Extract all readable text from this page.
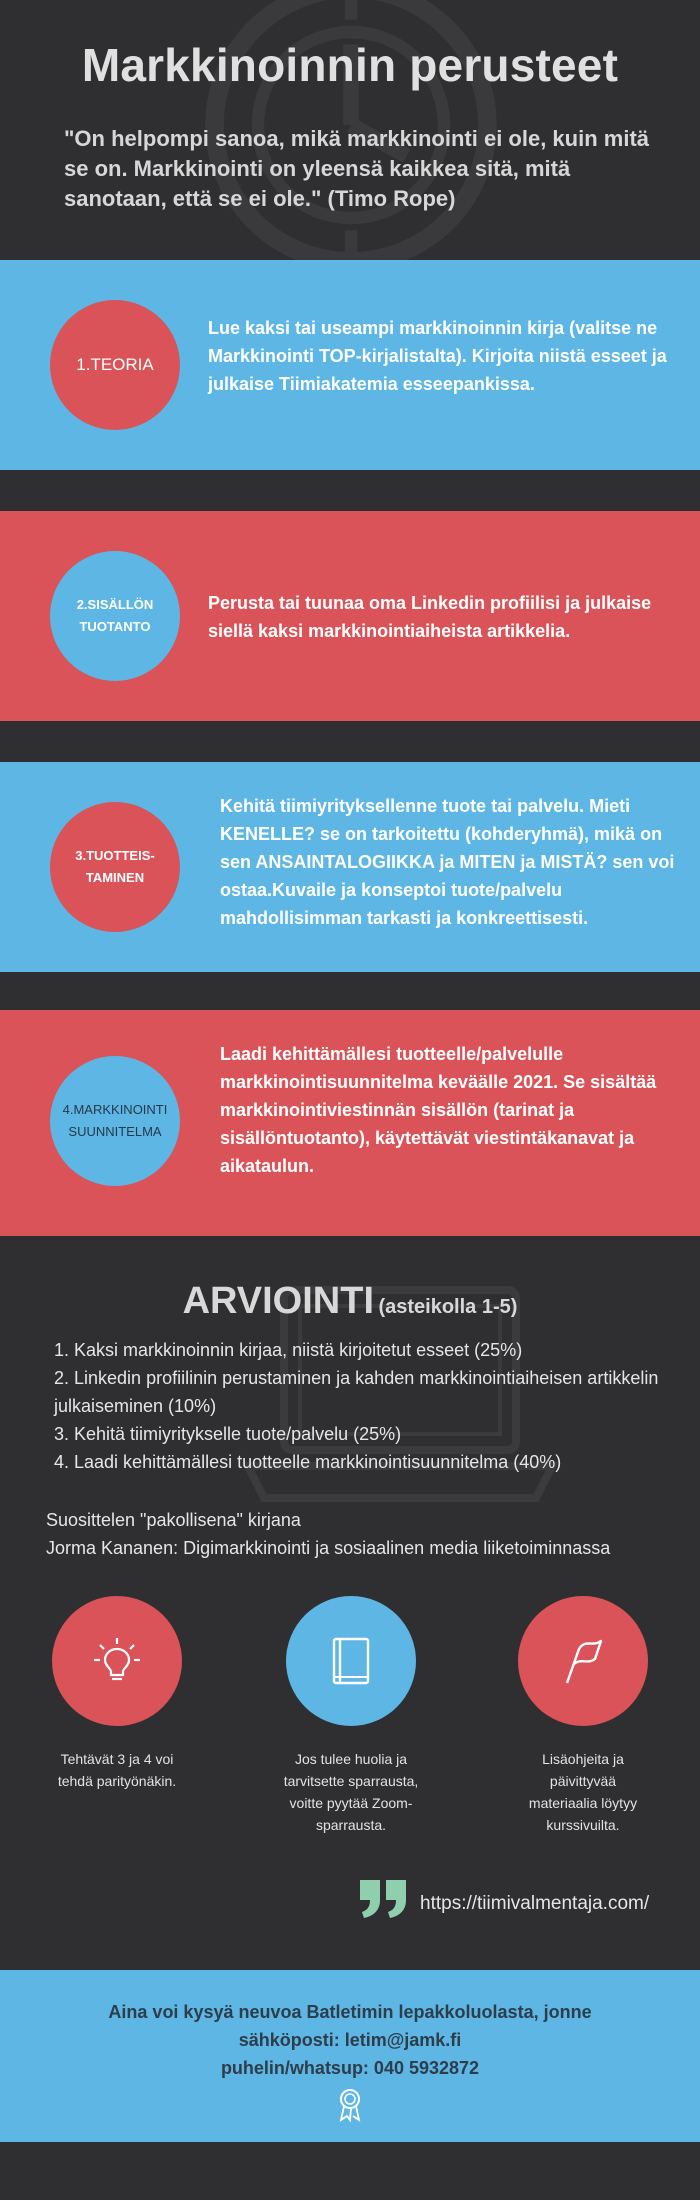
Markkinoinnin perusteet
"On helpompi sanoa, mikä markkinointi ei ole, kuin mitä se on. Markkinointi on yleensä kaikkea sitä, mitä sanotaan, että se ei ole." (Timo Rope)
1.TEORIA
Lue kaksi tai useampi markkinoinnin kirja (valitse ne Markkinointi TOP-kirjalistalta). Kirjoita niistä esseet ja julkaise Tiimiakatemia esseepankissa.
2.SISÄLLÖN
TUOTANTO
Perusta tai tuunaa oma Linkedin profiilisi ja julkaise siellä kaksi markkinointiaiheista artikkelia.
3.TUOTTEIS-
TAMINEN
Kehitä tiimiyrityksellenne tuote tai palvelu. Mieti KENELLE? se on tarkoitettu (kohderyhmä), mikä on sen ANSAINTALOGIIKKA ja MITEN ja MISTÄ? sen voi ostaa.Kuvaile ja konseptoi tuote/palvelu mahdollisimman tarkasti ja konkreettisesti.
4.MARKKINOINTI
SUUNNITELMA
Laadi kehittämällesi tuotteelle/palvelulle markkinointisuunnitelma keväälle 2021. Se sisältää markkinointiviestinnän sisällön (tarinat ja sisällöntuotanto), käytettävät viestintäkanavat ja aikataulun.
ARVIOINTI (asteikolla 1-5)
1. Kaksi markkinoinnin kirjaa, niistä kirjoitetut esseet (25%)
2. Linkedin profiilinin perustaminen ja kahden markkinointiaiheisen artikkelin julkaiseminen (10%)
3. Kehitä tiimiyritykselle tuote/palvelu (25%)
4. Laadi kehittämällesi tuotteelle markkinointisuunnitelma (40%)
Suosittelen "pakollisena" kirjana
Jorma Kananen: Digimarkkinointi ja sosiaalinen media liiketoiminnassa
Tehtävät 3 ja 4 voi
tehdä parityönäkin.
Jos tulee huolia ja
tarvitsette sparrausta,
voitte pyytää Zoom-
sparrausta.
Lisäohjeita ja
päivittyvää
materiaalia löytyy
kurssivuilta.
https://tiimivalmentaja.com/
Aina voi kysyä neuvoa Batletimin lepakkoluolasta, jonne
sähköposti: letim@jamk.fi
puhelin/whatsup: 040 5932872
